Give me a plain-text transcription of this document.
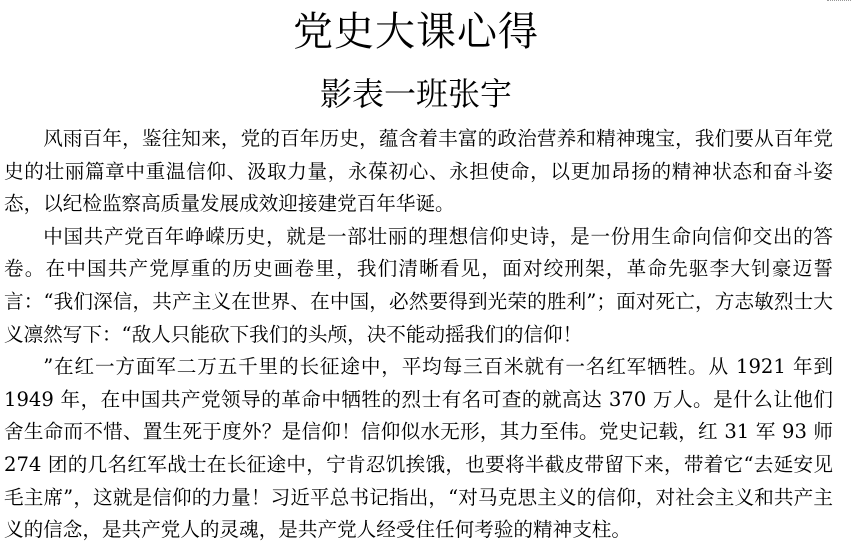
党史大课心得
影表一班张宇

风雨百年，鉴往知来，党的百年历史，蕴含着丰富的政治营养和精神瑰宝，我们要从百年党史的壮丽篇章中重温信仰、汲取力量，永葆初心、永担使命，以更加昂扬的精神状态和奋斗姿态，以纪检监察高质量发展成效迎接建党百年华诞。

中国共产党百年峥嵘历史，就是一部壮丽的理想信仰史诗，是一份用生命向信仰交出的答卷。在中国共产党厚重的历史画卷里，我们清晰看见，面对绞刑架，革命先驱李大钊豪迈誓言：“我们深信，共产主义在世界、在中国，必然要得到光荣的胜利”；面对死亡，方志敏烈士大义凛然写下：“敌人只能砍下我们的头颅，决不能动摇我们的信仰！

”在红一方面军二万五千里的长征途中，平均每三百米就有一名红军牺牲。从 1921 年到 1949 年，在中国共产党领导的革命中牺牲的烈士有名可查的就高达 370 万人。是什么让他们舍生命而不惜、置生死于度外？是信仰！信仰似水无形，其力至伟。党史记载，红 31 军 93 师 274 团的几名红军战士在长征途中，宁肯忍饥挨饿，也要将半截皮带留下来，带着它“去延安见毛主席”，这就是信仰的力量！习近平总书记指出，“对马克思主义的信仰，对社会主义和共产主义的信念，是共产党人的灵魂，是共产党人经受住任何考验的精神支柱。
